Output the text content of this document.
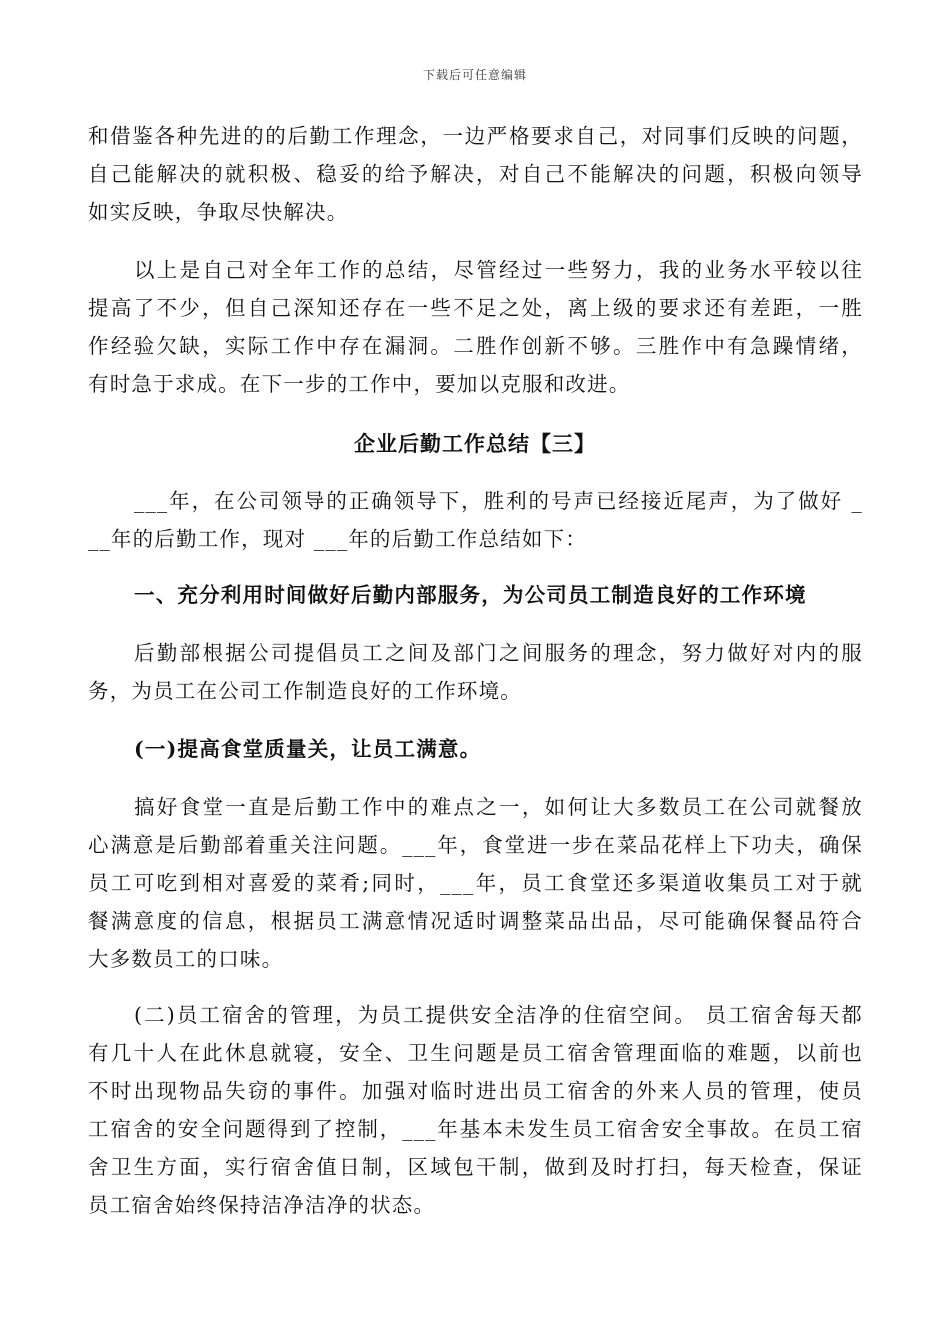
下载后可任意编辑
和借鉴各种先进的的后勤工作理念，一边严格要求自己，对同事们反映的问题，
自己能解决的就积极、稳妥的给予解决，对自己不能解决的问题，积极向领导
如实反映，争取尽快解决。
以上是自己对全年工作的总结，尽管经过一些努力，我的业务水平较以往
提高了不少，但自己深知还存在一些不足之处，离上级的要求还有差距，一胜
作经验欠缺，实际工作中存在漏洞。二胜作创新不够。三胜作中有急躁情绪，
有时急于求成。在下一步的工作中，要加以克服和改进。
企业后勤工作总结【三】
___年，在公司领导的正确领导下，胜利的号声已经接近尾声，为了做好 _
__年的后勤工作，现对 ___年的后勤工作总结如下：
一、充分利用时间做好后勤内部服务，为公司员工制造良好的工作环境
后勤部根据公司提倡员工之间及部门之间服务的理念，努力做好对内的服
务，为员工在公司工作制造良好的工作环境。
(一)提高食堂质量关，让员工满意。
搞好食堂一直是后勤工作中的难点之一，如何让大多数员工在公司就餐放
心满意是后勤部着重关注问题。___年，食堂进一步在菜品花样上下功夫，确保
员工可吃到相对喜爱的菜肴;同时，___年，员工食堂还多渠道收集员工对于就
餐满意度的信息，根据员工满意情况适时调整菜品出品，尽可能确保餐品符合
大多数员工的口味。
(二)员工宿舍的管理，为员工提供安全洁净的住宿空间。 员工宿舍每天都
有几十人在此休息就寝，安全、卫生问题是员工宿舍管理面临的难题，以前也
不时出现物品失窃的事件。加强对临时进出员工宿舍的外来人员的管理，使员
工宿舍的安全问题得到了控制，___年基本未发生员工宿舍安全事故。在员工宿
舍卫生方面，实行宿舍值日制，区域包干制，做到及时打扫，每天检查，保证
员工宿舍始终保持洁净洁净的状态。
